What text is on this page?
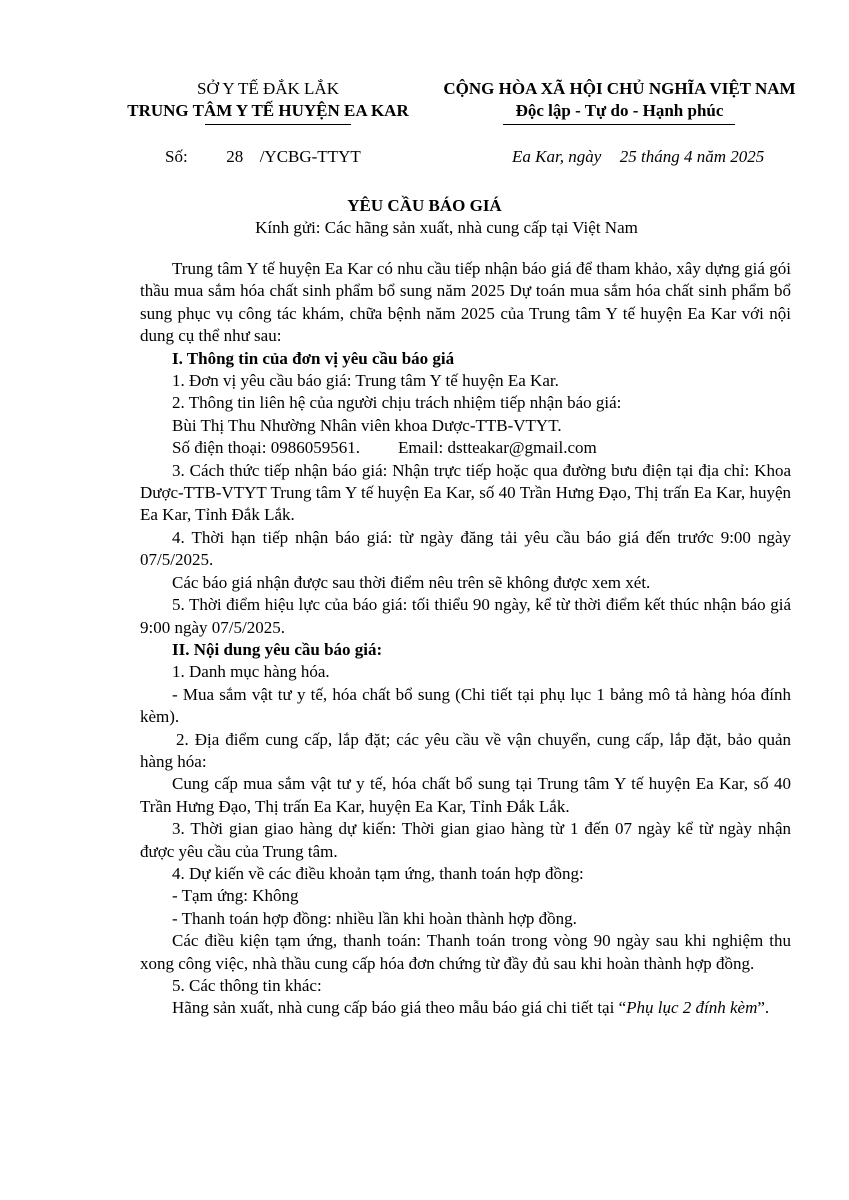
SỞ Y TẾ ĐẮK LẮK
TRUNG TÂM Y TẾ HUYỆN EA KAR
CỘNG HÒA XÃ HỘI CHỦ NGHĨA VIỆT NAM
Độc lập - Tự do - Hạnh phúc
Số: 28 /YCBG-TTYT	Ea Kar, ngày 25 tháng 4 năm 2025
YÊU CẦU BÁO GIÁ
Kính gửi: Các hãng sản xuất, nhà cung cấp tại Việt Nam

Trung tâm Y tế huyện Ea Kar có nhu cầu tiếp nhận báo giá để tham khảo, xây dựng giá gói thầu mua sắm hóa chất sinh phẩm bổ sung năm 2025 Dự toán mua sắm hóa chất sinh phẩm bổ sung phục vụ công tác khám, chữa bệnh năm 2025 của Trung tâm Y tế huyện Ea Kar với nội dung cụ thể như sau:

I. Thông tin của đơn vị yêu cầu báo giá

1. Đơn vị yêu cầu báo giá: Trung tâm Y tế huyện Ea Kar.

2. Thông tin liên hệ của người chịu trách nhiệm tiếp nhận báo giá:

Bùi Thị Thu Nhường Nhân viên khoa Dược-TTB-VTYT.

Số điện thoại: 0986059561. Email: dstteakar@gmail.com

3. Cách thức tiếp nhận báo giá: Nhận trực tiếp hoặc qua đường bưu điện tại địa chỉ: Khoa Dược-TTB-VTYT Trung tâm Y tế huyện Ea Kar, số 40 Trần Hưng Đạo, Thị trấn Ea Kar, huyện Ea Kar, Tỉnh Đắk Lắk.

4. Thời hạn tiếp nhận báo giá: từ ngày đăng tải yêu cầu báo giá đến trước 9:00 ngày 07/5/2025.

Các báo giá nhận được sau thời điểm nêu trên sẽ không được xem xét.

5. Thời điểm hiệu lực của báo giá: tối thiểu 90 ngày, kể từ thời điểm kết thúc nhận báo giá 9:00 ngày 07/5/2025.

II. Nội dung yêu cầu báo giá:

1. Danh mục hàng hóa.

- Mua sắm vật tư y tế, hóa chất bổ sung (Chi tiết tại phụ lục 1 bảng mô tả hàng hóa đính kèm).

2. Địa điểm cung cấp, lắp đặt; các yêu cầu về vận chuyển, cung cấp, lắp đặt, bảo quản hàng hóa:

Cung cấp mua sắm vật tư y tế, hóa chất bổ sung tại Trung tâm Y tế huyện Ea Kar, số 40 Trần Hưng Đạo, Thị trấn Ea Kar, huyện Ea Kar, Tỉnh Đắk Lắk.

3. Thời gian giao hàng dự kiến: Thời gian giao hàng từ 1 đến 07 ngày kể từ ngày nhận được yêu cầu của Trung tâm.

4. Dự kiến về các điều khoản tạm ứng, thanh toán hợp đồng:

- Tạm ứng: Không

- Thanh toán hợp đồng: nhiều lần khi hoàn thành hợp đồng.

Các điều kiện tạm ứng, thanh toán: Thanh toán trong vòng 90 ngày sau khi nghiệm thu xong công việc, nhà thầu cung cấp hóa đơn chứng từ đầy đủ sau khi hoàn thành hợp đồng.

5. Các thông tin khác:

Hãng sản xuất, nhà cung cấp báo giá theo mẫu báo giá chi tiết tại “Phụ lục 2 đính kèm”.
